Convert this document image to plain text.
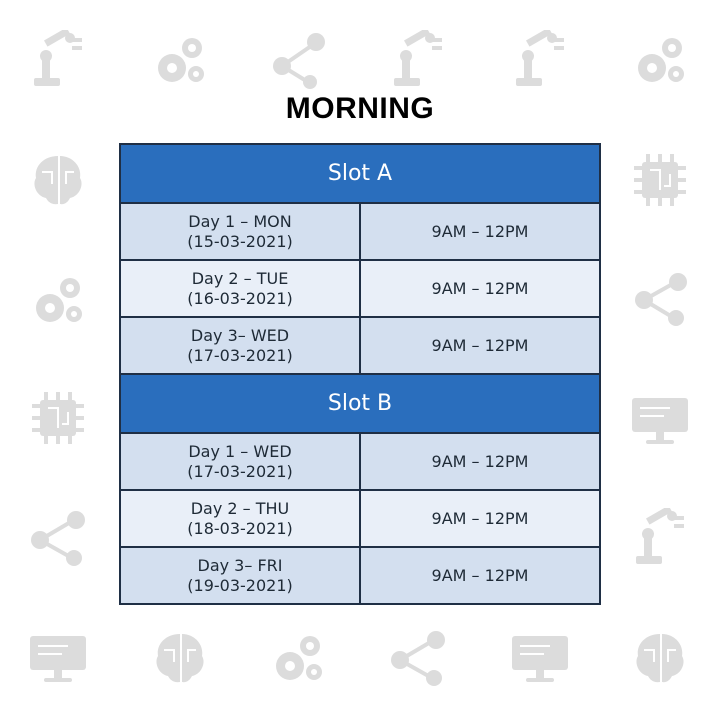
MORNING
Slot A
Day 1 – MON
(15-03-2021)
9AM – 12PM
Day 2 – TUE
(16-03-2021)
9AM – 12PM
Day 3– WED
(17-03-2021)
9AM – 12PM
Slot B
Day 1 – WED
(17-03-2021)
9AM – 12PM
Day 2 – THU
(18-03-2021)
9AM – 12PM
Day 3– FRI
(19-03-2021)
9AM – 12PM
